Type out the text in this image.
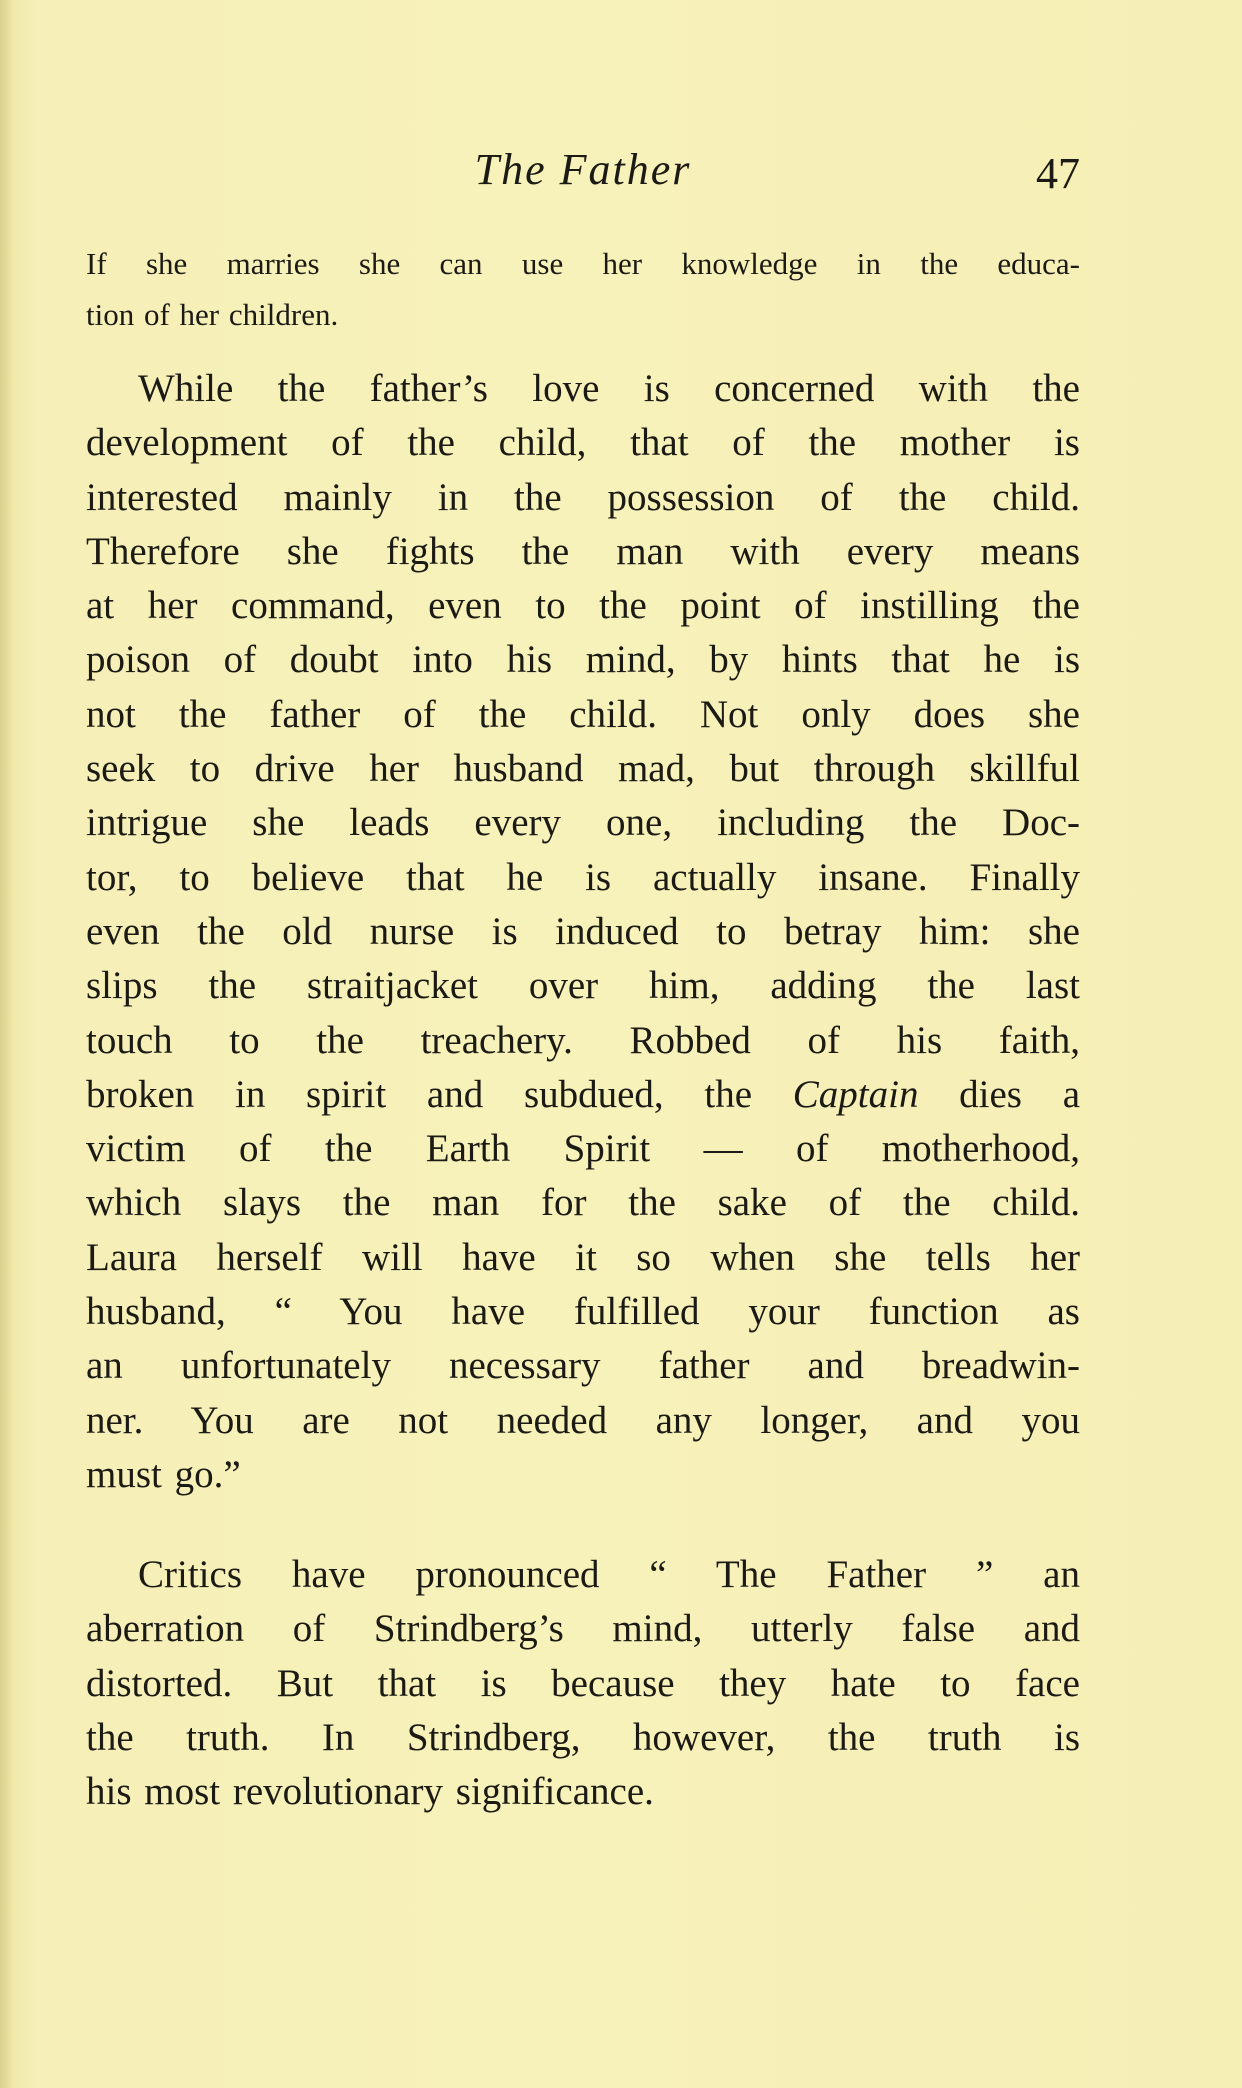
The Father	47
If she marries she can use her knowledge in the educa-
tion of her children.
While the father’s love is concerned with the
development of the child, that of the mother is
interested mainly in the possession of the child.
Therefore she fights the man with every means
at her command, even to the point of instilling the
poison of doubt into his mind, by hints that he is
not the father of the child. Not only does she
seek to drive her husband mad, but through skillful
intrigue she leads every one, including the Doc-
tor, to believe that he is actually insane. Finally
even the old nurse is induced to betray him: she
slips the straitjacket over him, adding the last
touch to the treachery. Robbed of his faith,
broken in spirit and subdued, the Captain dies a
victim of the Earth Spirit — of motherhood,
which slays the man for the sake of the child.
Laura herself will have it so when she tells her
husband, “ You have fulfilled your function as
an unfortunately necessary father and breadwin-
ner. You are not needed any longer, and you
must go.”
Critics have pronounced “ The Father ” an
aberration of Strindberg’s mind, utterly false and
distorted. But that is because they hate to face
the truth. In Strindberg, however, the truth is
his most revolutionary significance.
